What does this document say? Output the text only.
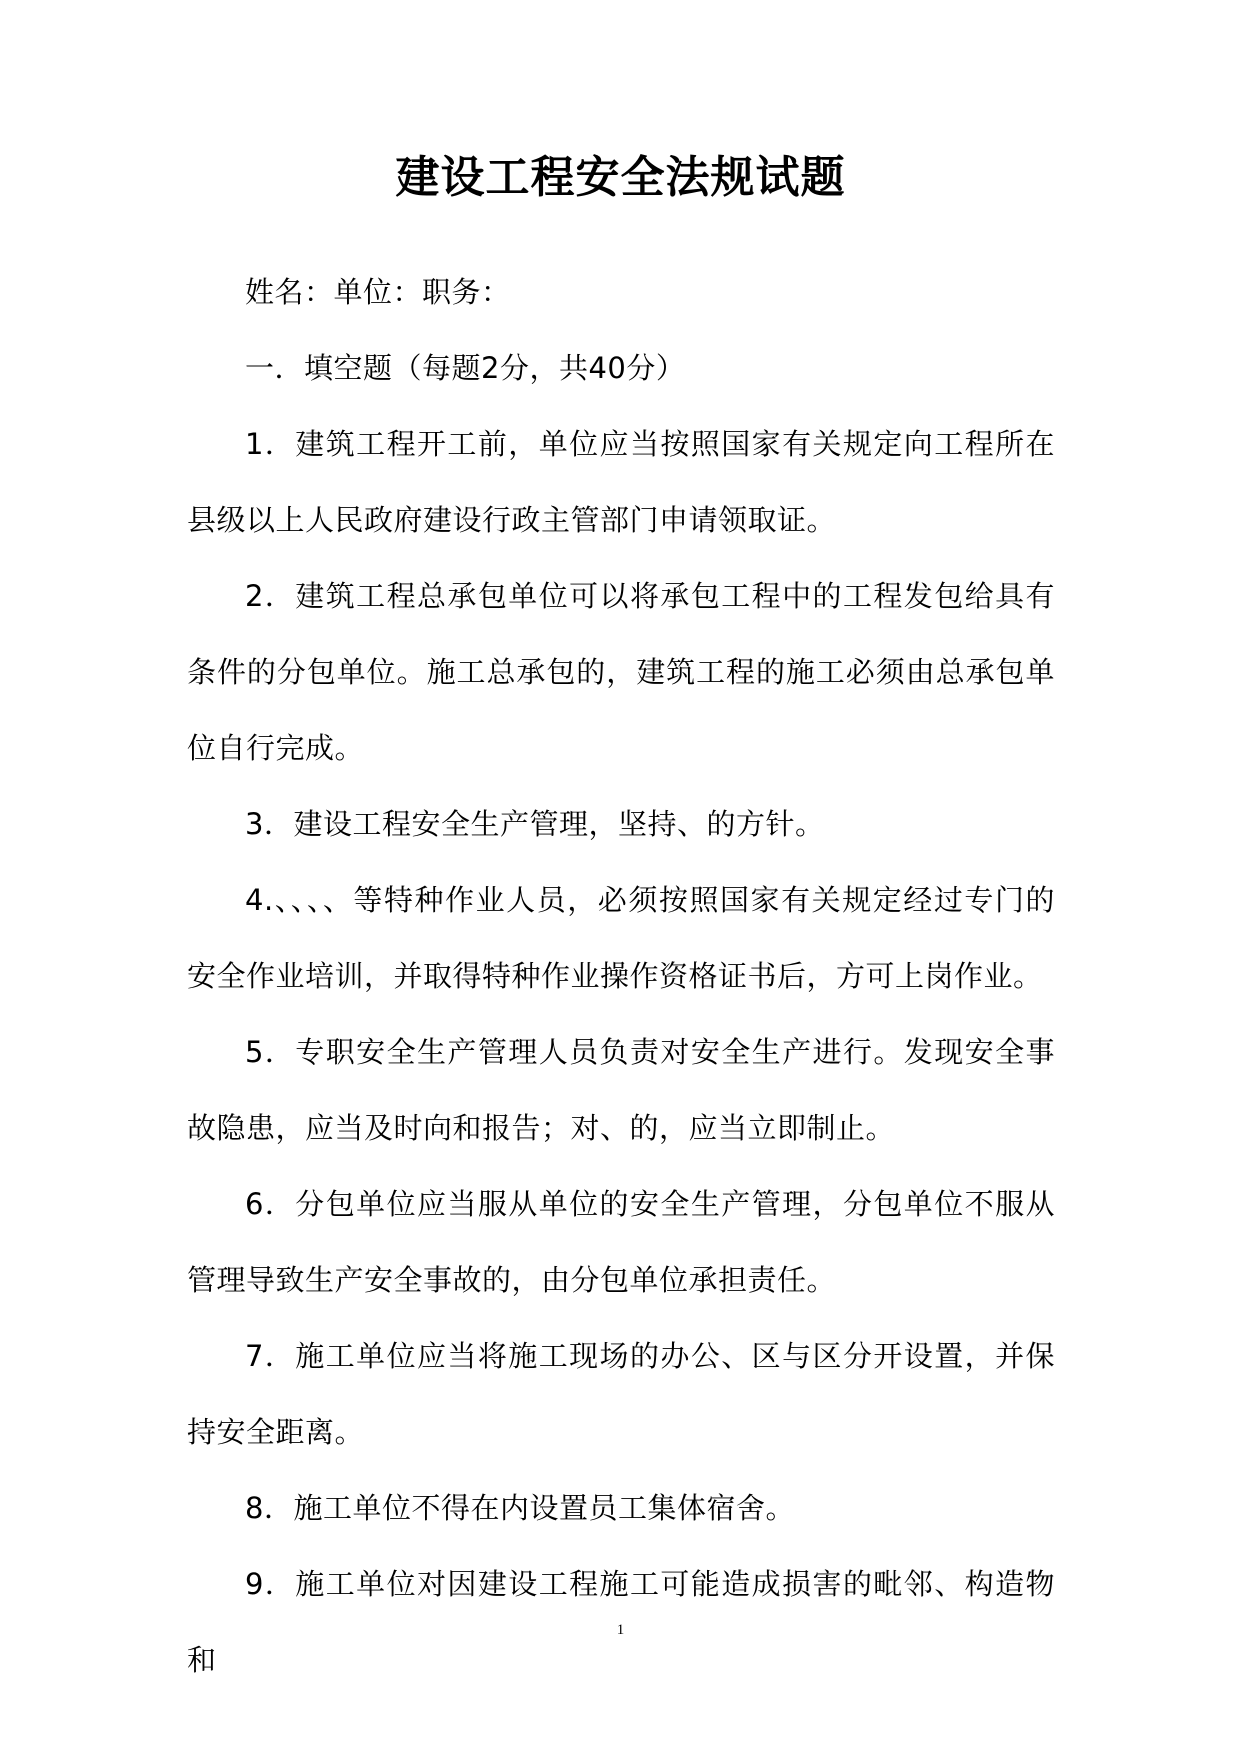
建设工程安全法规试题

姓名：单位：职务：

一．填空题（每题2分，共40分）

1．建筑工程开工前，单位应当按照国家有关规定向工程所在县级以上人民政府建设行政主管部门申请领取证。

2．建筑工程总承包单位可以将承包工程中的工程发包给具有条件的分包单位。施工总承包的，建筑工程的施工必须由总承包单位自行完成。

3．建设工程安全生产管理，坚持、的方针。

4.、、、、等特种作业人员，必须按照国家有关规定经过专门的安全作业培训，并取得特种作业操作资格证书后，方可上岗作业。

5．专职安全生产管理人员负责对安全生产进行。发现安全事故隐患，应当及时向和报告；对、的，应当立即制止。

6．分包单位应当服从单位的安全生产管理，分包单位不服从管理导致生产安全事故的，由分包单位承担责任。

7．施工单位应当将施工现场的办公、区与区分开设置，并保持安全距离。

8．施工单位不得在内设置员工集体宿舍。

9．施工单位对因建设工程施工可能造成损害的毗邻、构造物和

1
